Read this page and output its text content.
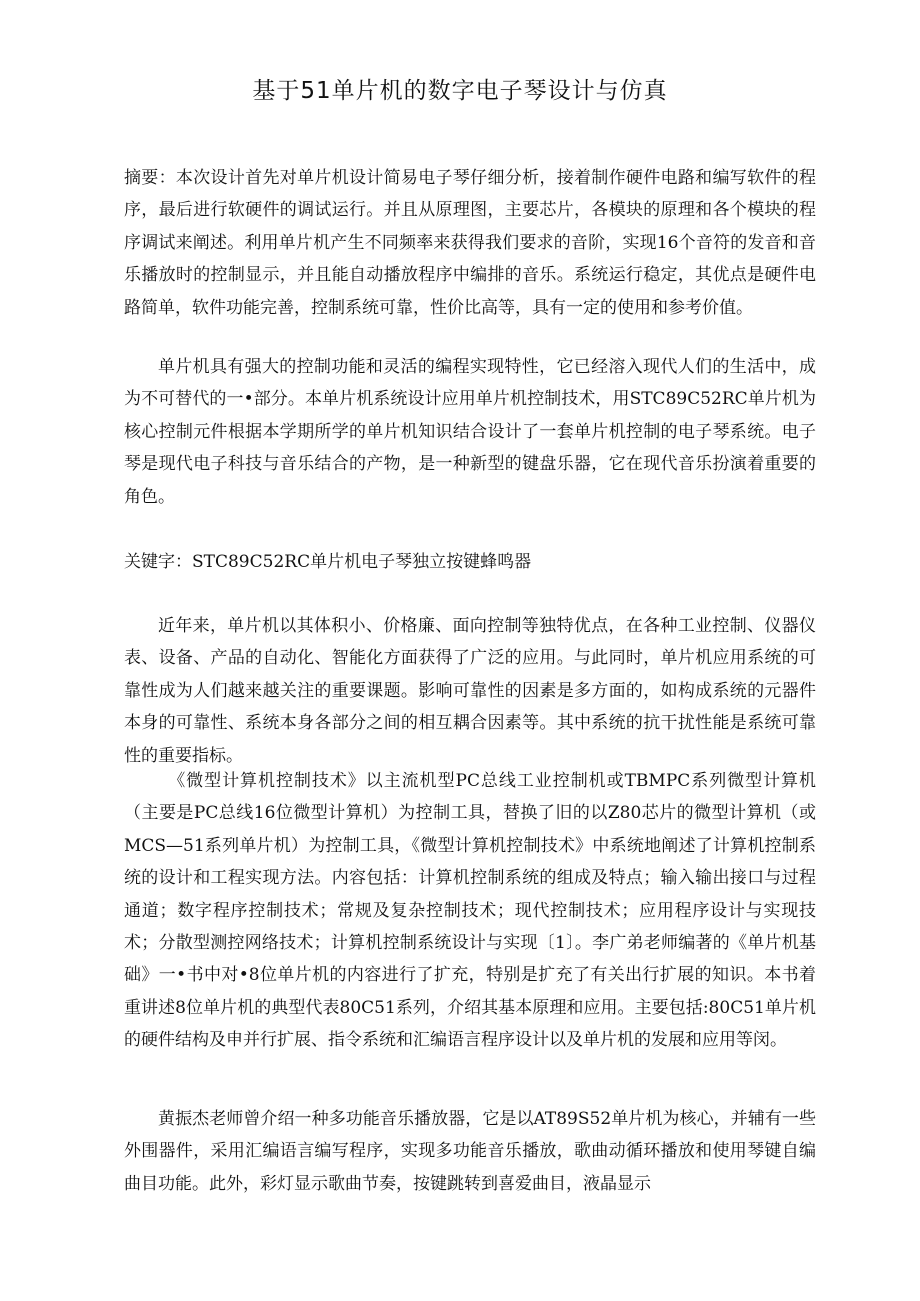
基于51单片机的数字电子琴设计与仿真

摘要：本次设计首先对单片机设计简易电子琴仔细分析，接着制作硬件电路和编写软件的程序，最后进行软硬件的调试运行。并且从原理图，主要芯片，各模块的原理和各个模块的程序调试来阐述。利用单片机产生不同频率来获得我们要求的音阶，实现16个音符的发音和音乐播放时的控制显示，并且能自动播放程序中编排的音乐。系统运行稳定，其优点是硬件电路简单，软件功能完善，控制系统可靠，性价比高等，具有一定的使用和参考价值。

单片机具有强大的控制功能和灵活的编程实现特性，它已经溶入现代人们的生活中，成为不可替代的一•部分。本单片机系统设计应用单片机控制技术，用STC89C52RC单片机为核心控制元件根据本学期所学的单片机知识结合设计了一套单片机控制的电子琴系统。电子琴是现代电子科技与音乐结合的产物，是一种新型的键盘乐器，它在现代音乐扮演着重要的角色。

关键字：STC89C52RC单片机电子琴独立按键蜂鸣器

近年来，单片机以其体积小、价格廉、面向控制等独特优点，在各种工业控制、仪器仪表、设备、产品的自动化、智能化方面获得了广泛的应用。与此同时，单片机应用系统的可靠性成为人们越来越关注的重要课题。影响可靠性的因素是多方面的，如构成系统的元器件本身的可靠性、系统本身各部分之间的相互耦合因素等。其中系统的抗干扰性能是系统可靠性的重要指标。

《微型计算机控制技术》以主流机型PC总线工业控制机或TBMPC系列微型计算机（主要是PC总线16位微型计算机）为控制工具，替换了旧的以Z80芯片的微型计算机（或MCS—51系列单片机）为控制工具，《微型计算机控制技术》中系统地阐述了计算机控制系统的设计和工程实现方法。内容包括：计算机控制系统的组成及特点；输入输出接口与过程通道；数字程序控制技术；常规及复杂控制技术；现代控制技术；应用程序设计与实现技术；分散型测控网络技术；计算机控制系统设计与实现〔1〕。李广弟老师编著的《单片机基础》一•书中对•8位单片机的内容进行了扩充，特别是扩充了有关出行扩展的知识。本书着重讲述8位单片机的典型代表80C51系列，介绍其基本原理和应用。主要包括:80C51单片机的硬件结构及申并行扩展、指令系统和汇编语言程序设计以及单片机的发展和应用等闵。

黄振杰老师曾介绍一种多功能音乐播放器，它是以AT89S52单片机为核心，并辅有一些外围器件，采用汇编语言编写程序，实现多功能音乐播放，歌曲动循环播放和使用琴键自编曲目功能。此外，彩灯显示歌曲节奏，按键跳转到喜爱曲目，液晶显示
